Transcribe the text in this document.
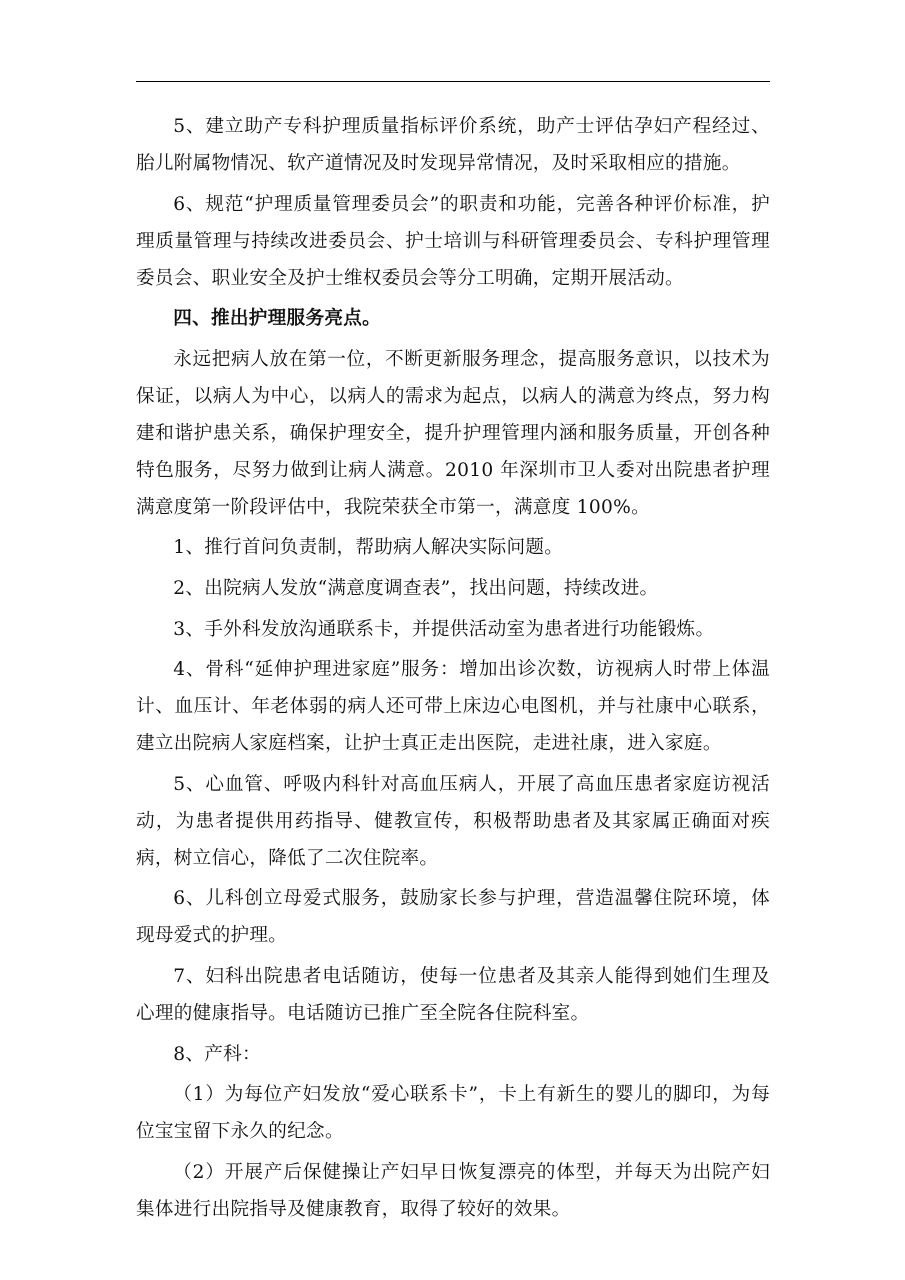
5、建立助产专科护理质量指标评价系统，助产士评估孕妇产程经过、胎儿附属物情况、软产道情况及时发现异常情况，及时采取相应的措施。

6、规范“护理质量管理委员会”的职责和功能，完善各种评价标准，护理质量管理与持续改进委员会、护士培训与科研管理委员会、专科护理管理委员会、职业安全及护士维权委员会等分工明确，定期开展活动。

四、推出护理服务亮点。

永远把病人放在第一位，不断更新服务理念，提高服务意识，以技术为保证，以病人为中心，以病人的需求为起点，以病人的满意为终点，努力构建和谐护患关系，确保护理安全，提升护理管理内涵和服务质量，开创各种特色服务，尽努力做到让病人满意。2010 年深圳市卫人委对出院患者护理满意度第一阶段评估中，我院荣获全市第一，满意度 100%。

1、推行首问负责制，帮助病人解决实际问题。

2、出院病人发放“满意度调查表”，找出问题，持续改进。

3、手外科发放沟通联系卡，并提供活动室为患者进行功能锻炼。

4、骨科“延伸护理进家庭”服务：增加出诊次数，访视病人时带上体温计、血压计、年老体弱的病人还可带上床边心电图机，并与社康中心联系，建立出院病人家庭档案，让护士真正走出医院，走进社康，进入家庭。

5、心血管、呼吸内科针对高血压病人，开展了高血压患者家庭访视活动，为患者提供用药指导、健教宣传，积极帮助患者及其家属正确面对疾病，树立信心，降低了二次住院率。

6、儿科创立母爱式服务，鼓励家长参与护理，营造温馨住院环境，体现母爱式的护理。

7、妇科出院患者电话随访，使每一位患者及其亲人能得到她们生理及心理的健康指导。电话随访已推广至全院各住院科室。

8、产科：

（1）为每位产妇发放“爱心联系卡”，卡上有新生的婴儿的脚印，为每位宝宝留下永久的纪念。

（2）开展产后保健操让产妇早日恢复漂亮的体型，并每天为出院产妇集体进行出院指导及健康教育，取得了较好的效果。
